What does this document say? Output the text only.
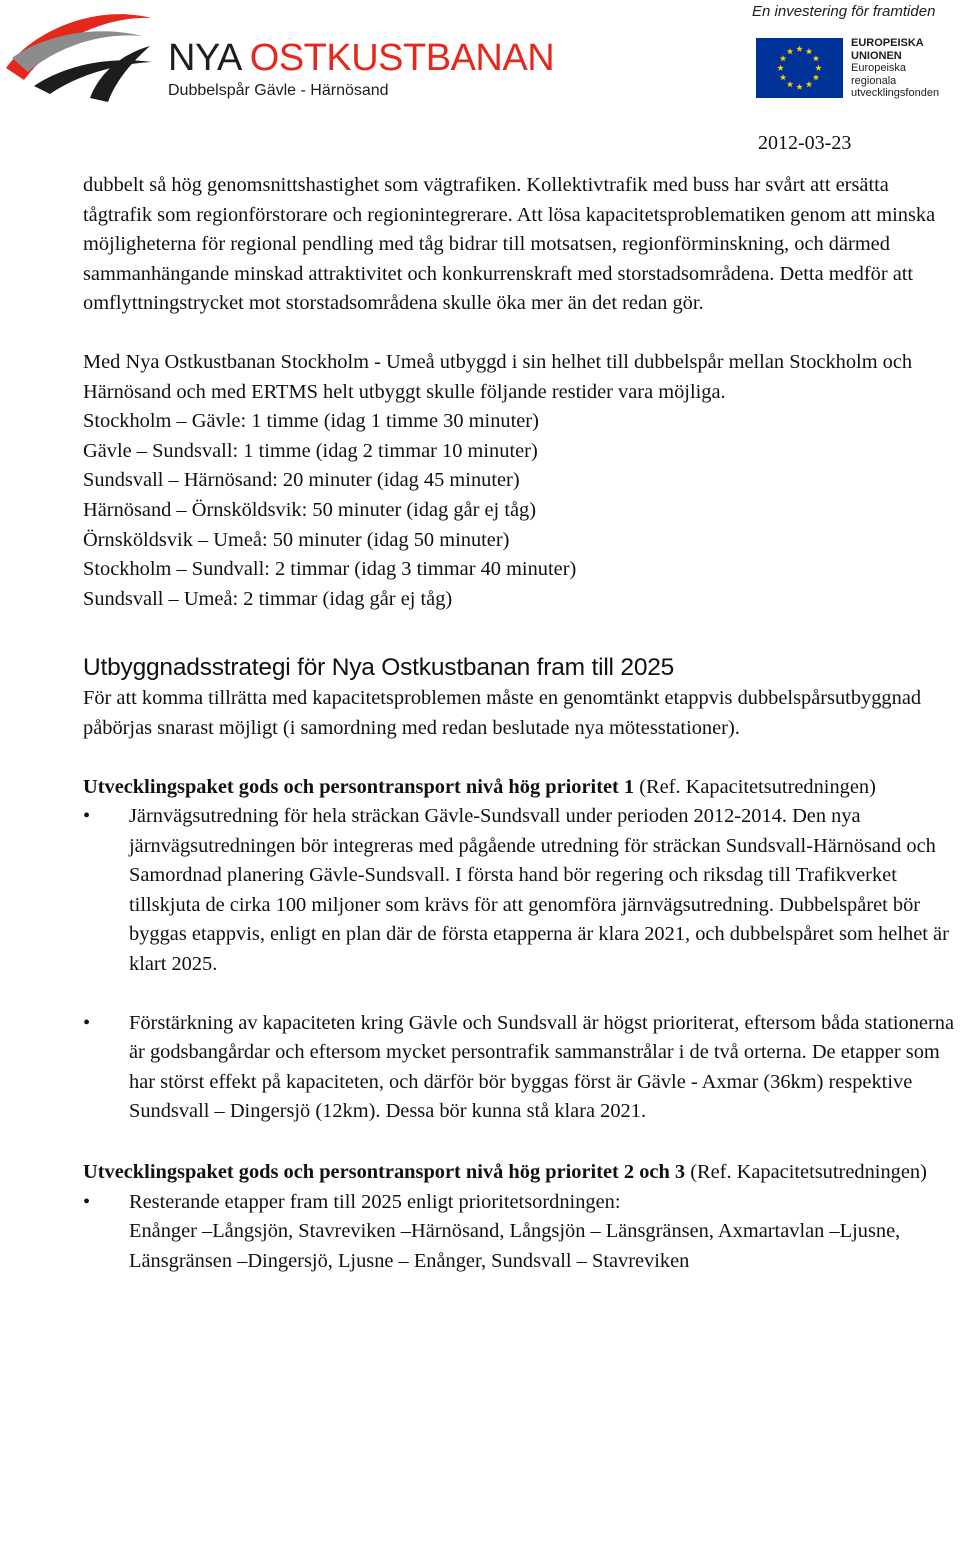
NYA OSTKUSTBANAN
Dubbelspår Gävle - Härnösand
En investering för framtiden
EUROPEISKA
UNIONEN
Europeiska
regionala
utvecklingsfonden
2012-03-23

dubbelt så hög genomsnittshastighet som vägtrafiken. Kollektivtrafik med buss har svårt att ersätta tågtrafik som regionförstorare och regionintegrerare. Att lösa kapacitetsproblematiken genom att minska möjligheterna för regional pendling med tåg bidrar till motsatsen, regionförminskning, och därmed sammanhängande minskad attraktivitet och konkurrenskraft med storstadsområdena. Detta medför att omflyttningstrycket mot storstadsområdena skulle öka mer än det redan gör.

Med Nya Ostkustbanan Stockholm - Umeå utbyggd i sin helhet till dubbelspår mellan Stockholm och Härnösand och med ERTMS helt utbyggt skulle följande restider vara möjliga.

Stockholm – Gävle: 1 timme (idag 1 timme 30 minuter)
Gävle – Sundsvall: 1 timme (idag 2 timmar 10 minuter)
Sundsvall – Härnösand: 20 minuter (idag 45 minuter)
Härnösand – Örnsköldsvik: 50 minuter (idag går ej tåg)
Örnsköldsvik – Umeå: 50 minuter (idag 50 minuter)
Stockholm – Sundvall: 2 timmar (idag 3 timmar 40 minuter)
Sundsvall – Umeå: 2 timmar (idag går ej tåg)
Utbyggnadsstrategi för Nya Ostkustbanan fram till 2025

För att komma tillrätta med kapacitetsproblemen måste en genomtänkt etappvis dubbelspårsutbyggnad påbörjas snarast möjligt (i samordning med redan beslutade nya mötesstationer).

Utvecklingspaket gods och persontransport nivå hög prioritet 1 (Ref. Kapacitetsutredningen)

• Järnvägsutredning för hela sträckan Gävle-Sundsvall under perioden 2012-2014. Den nya järnvägsutredningen bör integreras med pågående utredning för sträckan Sundsvall-Härnösand och Samordnad planering Gävle-Sundsvall. I första hand bör regering och riksdag till Trafikverket tillskjuta de cirka 100 miljoner som krävs för att genomföra järnvägsutredning. Dubbelspåret bör byggas etappvis, enligt en plan där de första etapperna är klara 2021, och dubbelspåret som helhet är klart 2025.
• Förstärkning av kapaciteten kring Gävle och Sundsvall är högst prioriterat, eftersom båda stationerna är godsbangårdar och eftersom mycket persontrafik sammanstrålar i de två orterna. De etapper som har störst effekt på kapaciteten, och därför bör byggas först är Gävle - Axmar (36km) respektive Sundsvall – Dingersjö (12km). Dessa bör kunna stå klara 2021.

Utvecklingspaket gods och persontransport nivå hög prioritet 2 och 3 (Ref. Kapacitetsutredningen)

• Resterande etapper fram till 2025 enligt prioritetsordningen:
Enånger –Långsjön, Stavreviken –Härnösand, Långsjön – Länsgränsen, Axmartavlan –Ljusne, Länsgränsen –Dingersjö, Ljusne – Enånger, Sundsvall – Stavreviken
